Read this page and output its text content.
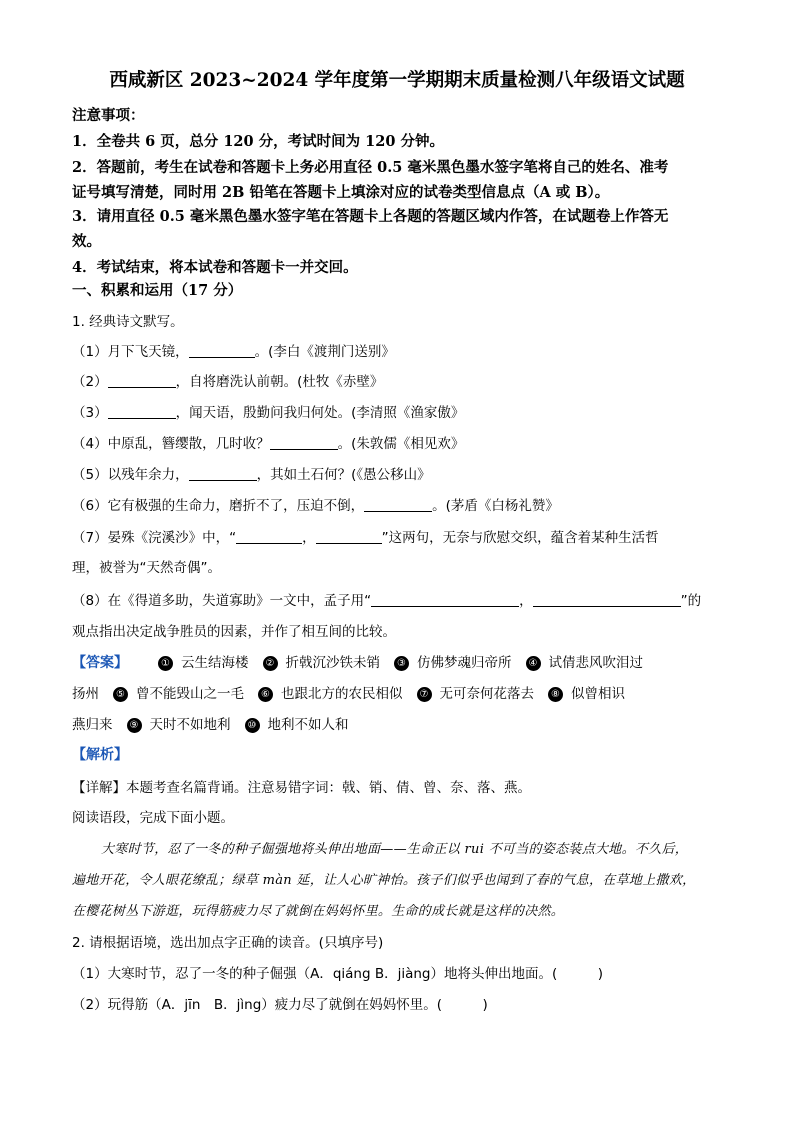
西咸新区 2023~2024 学年度第一学期期末质量检测八年级语文试题
注意事项：
1．全卷共 6 页，总分 120 分，考试时间为 120 分钟。
2．答题前，考生在试卷和答题卡上务必用直径 0.5 毫米黑色墨水签字笔将自己的姓名、准考
证号填写清楚，同时用 2B 铅笔在答题卡上填涂对应的试卷类型信息点（A 或 B）。
3．请用直径 0.5 毫米黑色墨水签字笔在答题卡上各题的答题区域内作答，在试题卷上作答无
效。
4．考试结束，将本试卷和答题卡一并交回。
一、积累和运用（17 分）
1. 经典诗文默写。
（1）月下飞天镜，	。(李白《渡荆门送别》
（2）	，自将磨洗认前朝。(杜牧《赤壁》
（3）	，闻天语，殷勤问我归何处。(李清照《渔家傲》
（4）中原乱，簪缨散，几时收？	。(朱敦儒《相见欢》
（5）以残年余力，	，其如土石何？(《愚公移山》
（6）它有极强的生命力，磨折不了，压迫不倒，	。(茅盾《白杨礼赞》
（7）晏殊《浣溪沙》中，“	，	”这两句，无奈与欣慰交织，蕴含着某种生活哲
理，被誉为“天然奇偶”。
（8）在《得道多助，失道寡助》一文中，孟子用“	，	”的
观点指出决定战争胜员的因素，并作了相互间的比较。
【答案】	① 云生结海楼 ② 折戟沉沙铁未销 ③ 仿佛梦魂归帝所 ④ 试倩悲风吹泪过
扬州 ⑤ 曾不能毁山之一毛 ⑥ 也跟北方的农民相似 ⑦ 无可奈何花落去 ⑧ 似曾相识
燕归来 ⑨ 天时不如地利 ⑩ 地利不如人和
【解析】
【详解】本题考查名篇背诵。注意易错字词：戟、销、倩、曾、奈、落、燕。
阅读语段，完成下面小题。
大寒时节，忍了一冬的种子倔强地将头伸出地面——生命正以 rui 不可当的姿态装点大地。不久后，
遍地开花，令人眼花缭乱；绿草 màn 延，让人心旷神怡。孩子们似乎也闻到了春的气息，在草地上撒欢，
在樱花树丛下游逛，玩得筋疲力尽了就倒在妈妈怀里。生命的成长就是这样的决然。
2. 请根据语境，选出加点字正确的读音。(只填序号)
（1）大寒时节，忍了一冬的种子倔强（A．qiáng B．jiàng）地将头伸出地面。(　　　)
（2）玩得筋（A．jīn　B．jìng）疲力尽了就倒在妈妈怀里。(　　　)
